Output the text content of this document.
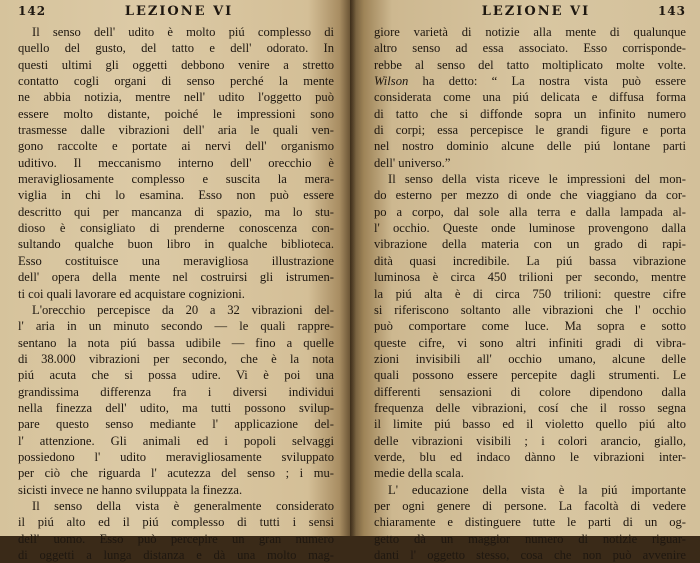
142	LEZIONE VI
Il senso dell' udito è molto piú complesso di
quello del gusto, del tatto e dell' odorato. In
questi ultimi gli oggetti debbono venire a stretto
contatto cogli organi di senso perché la mente
ne abbia notizia, mentre nell' udito l'oggetto può
essere molto distante, poiché le impressioni sono
trasmesse dalle vibrazioni dell' aria le quali ven-
gono raccolte e portate ai nervi dell' organismo
uditivo. Il meccanismo interno dell' orecchio è
meravigliosamente complesso e suscita la mera-
viglia in chi lo esamina. Esso non può essere
descritto qui per mancanza di spazio, ma lo stu-
dioso è consigliato di prenderne conoscenza con-
sultando qualche buon libro in qualche biblioteca.
Esso costituisce una meravigliosa illustrazione
dell' opera della mente nel costruirsi gli istrumen-
ti coi quali lavorare ed acquistare cognizioni.
L'orecchio percepisce da 20 a 32 vibrazioni del-
l' aria in un minuto secondo — le quali rappre-
sentano la nota piú bassa udibile — fino a quelle
di 38.000 vibrazioni per secondo, che è la nota
piú acuta che si possa udire. Vi è poi una
grandissima differenza fra i diversi individui
nella finezza dell' udito, ma tutti possono svilup-
pare questo senso mediante l' applicazione del-
l' attenzione. Gli animali ed i popoli selvaggi
possiedono l' udito meravigliosamente sviluppato
per ciò che riguarda l' acutezza del senso ; i mu-
sicisti invece ne hanno sviluppata la finezza.
Il senso della vista è generalmente considerato
il piú alto ed il piú complesso di tutti i sensi
dell' uomo. Esso può percepire un gran numero
di oggetti a lunga distanza e dà una molto mag-
LEZIONE VI	143
giore varietà di notizie alla mente di qualunque
altro senso ad essa associato. Esso corrisponde-
rebbe al senso del tatto moltiplicato molte volte.
Wilson ha detto: “ La nostra vista può essere
considerata come una piú delicata e diffusa forma
di tatto che si diffonde sopra un infinito numero
di corpi; essa percepisce le grandi figure e porta
nel nostro dominio alcune delle piú lontane parti
dell' universo.”
Il senso della vista riceve le impressioni del mon-
do esterno per mezzo di onde che viaggiano da cor-
po a corpo, dal sole alla terra e dalla lampada al-
l' occhio. Queste onde luminose provengono dalla
vibrazione della materia con un grado di rapi-
dità quasi incredibile. La piú bassa vibrazione
luminosa è circa 450 trilioni per secondo, mentre
la piú alta è di circa 750 trilioni: questre cifre
si riferiscono soltanto alle vibrazioni che l' occhio
può comportare come luce. Ma sopra e sotto
queste cifre, vi sono altri infiniti gradi di vibra-
zioni invisibili all' occhio umano, alcune delle
quali possono essere percepite dagli strumenti. Le
differenti sensazioni di colore dipendono dalla
frequenza delle vibrazioni, cosí che il rosso segna
il limite piú basso ed il violetto quello piú alto
delle vibrazioni visibili ; i colori arancio, giallo,
verde, blu ed indaco dànno le vibrazioni inter-
medie della scala.
L' educazione della vista è la piú importante
per ogni genere di persone. La facoltà di vedere
chiaramente e distinguere tutte le parti di un og-
getto dà un maggior numero di notizie riguar-
danti l' oggetto stesso, cosa che non può avvenire
